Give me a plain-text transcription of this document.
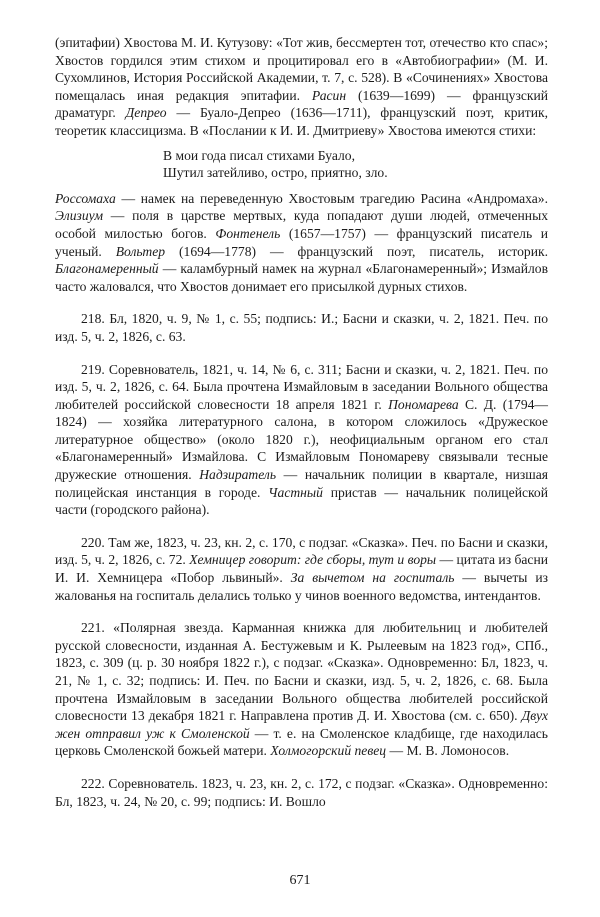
(эпитафии) Хвостова М. И. Кутузову: «Тот жив, бессмертен тот, отечество кто спас»; Хвостов гордился этим стихом и процитировал его в «Автобиографии» (М. И. Сухомлинов, История Российской Академии, т. 7, с. 528). В «Сочинениях» Хвостова помещалась иная редакция эпитафии. Расин (1639—1699) — французский драматург. Депрео — Буало-Депрео (1636—1711), французский поэт, критик, теоретик классицизма. В «Послании к И. И. Дмитриеву» Хвостова имеются стихи:

В мои года писал стихами Буало,
Шутил затейливо, остро, приятно, зло.

Россомаха — намек на переведенную Хвостовым трагедию Расина «Андромаха». Элизиум — поля в царстве мертвых, куда попадают души людей, отмеченных особой милостью богов. Фонтенель (1657—1757) — французский писатель и ученый. Вольтер (1694—1778) — французский поэт, писатель, историк. Благонамеренный — каламбурный намек на журнал «Благонамеренный»; Измайлов часто жаловался, что Хвостов донимает его присылкой дурных стихов.

218. Бл, 1820, ч. 9, № 1, с. 55; подпись: И.; Басни и сказки, ч. 2, 1821. Печ. по изд. 5, ч. 2, 1826, с. 63.

219. Соревнователь, 1821, ч. 14, № 6, с. 311; Басни и сказки, ч. 2, 1821. Печ. по изд. 5, ч. 2, 1826, с. 64. Была прочтена Измайловым в заседании Вольного общества любителей российской словесности 18 апреля 1821 г. Пономарева С. Д. (1794—1824) — хозяйка литературного салона, в котором сложилось «Дружеское литературное общество» (около 1820 г.), неофициальным органом его стал «Благонамеренный» Измайлова. С Измайловым Пономареву связывали тесные дружеские отношения. Надзиратель — начальник полиции в квартале, низшая полицейская инстанция в городе. Частный пристав — начальник полицейской части (городского района).

220. Там же, 1823, ч. 23, кн. 2, с. 170, с подзаг. «Сказка». Печ. по Басни и сказки, изд. 5, ч. 2, 1826, с. 72. Хемницер говорит: где сборы, тут и воры — цитата из басни И. И. Хемницера «Побор львиный». За вычетом на госпиталь — вычеты из жалованья на госпиталь делались только у чинов военного ведомства, интендантов.

221. «Полярная звезда. Карманная книжка для любительниц и любителей русской словесности, изданная А. Бестужевым и К. Рылеевым на 1823 год», СПб., 1823, с. 309 (ц. р. 30 ноября 1822 г.), с подзаг. «Сказка». Одновременно: Бл, 1823, ч. 21, № 1, с. 32; подпись: И. Печ. по Басни и сказки, изд. 5, ч. 2, 1826, с. 68. Была прочтена Измайловым в заседании Вольного общества любителей российской словесности 13 декабря 1821 г. Направлена против Д. И. Хвостова (см. с. 650). Двух жен отправил уж к Смоленской — т. е. на Смоленское кладбище, где находилась церковь Смоленской божьей матери. Холмогорский певец — М. В. Ломоносов.

222. Соревнователь. 1823, ч. 23, кн. 2, с. 172, с подзаг. «Сказка». Одновременно: Бл, 1823, ч. 24, № 20, с. 99; подпись: И. Вошло

671
